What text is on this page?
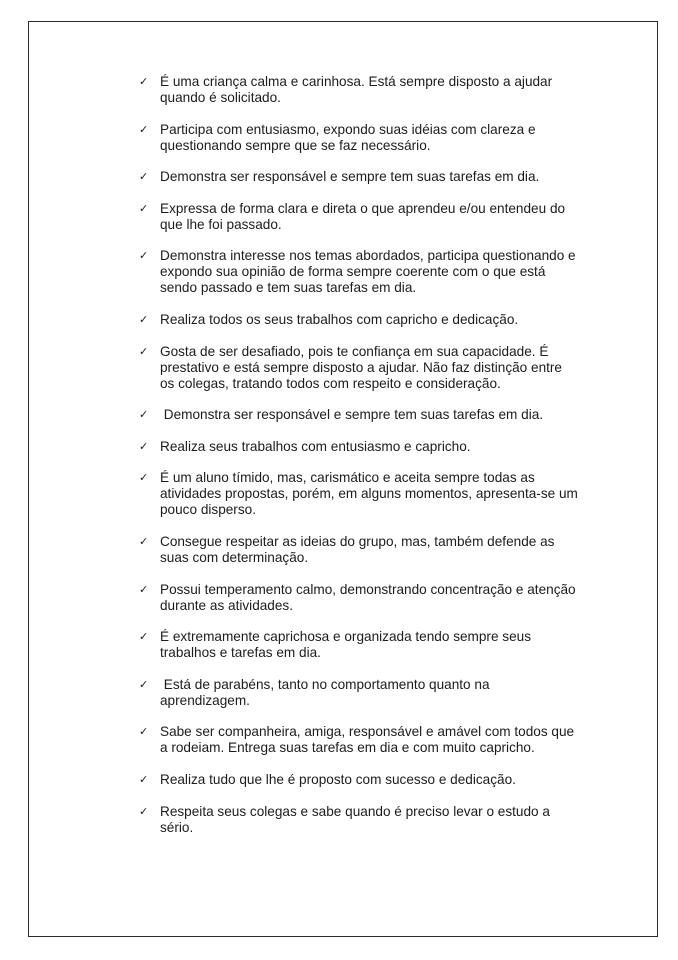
✓ É uma criança calma e carinhosa. Está sempre disposto a ajudar
quando é solicitado.
✓ Participa com entusiasmo, expondo suas idéias com clareza e
questionando sempre que se faz necessário.
✓ Demonstra ser responsável e sempre tem suas tarefas em dia.
✓ Expressa de forma clara e direta o que aprendeu e/ou entendeu do
que lhe foi passado.
✓ Demonstra interesse nos temas abordados, participa questionando e
expondo sua opinião de forma sempre coerente com o que está
sendo passado e tem suas tarefas em dia.
✓ Realiza todos os seus trabalhos com capricho e dedicação.
✓ Gosta de ser desafiado, pois te confiança em sua capacidade. É
prestativo e está sempre disposto a ajudar. Não faz distinção entre
os colegas, tratando todos com respeito e consideração.
✓ Demonstra ser responsável e sempre tem suas tarefas em dia.
✓ Realiza seus trabalhos com entusiasmo e capricho.
✓ É um aluno tímido, mas, carismático e aceita sempre todas as
atividades propostas, porém, em alguns momentos, apresenta-se um
pouco disperso.
✓ Consegue respeitar as ideias do grupo, mas, também defende as
suas com determinação.
✓ Possui temperamento calmo, demonstrando concentração e atenção
durante as atividades.
✓ É extremamente caprichosa e organizada tendo sempre seus
trabalhos e tarefas em dia.
✓ Está de parabéns, tanto no comportamento quanto na
aprendizagem.
✓ Sabe ser companheira, amiga, responsável e amável com todos que
a rodeiam. Entrega suas tarefas em dia e com muito capricho.
✓ Realiza tudo que lhe é proposto com sucesso e dedicação.
✓ Respeita seus colegas e sabe quando é preciso levar o estudo a
sério.
